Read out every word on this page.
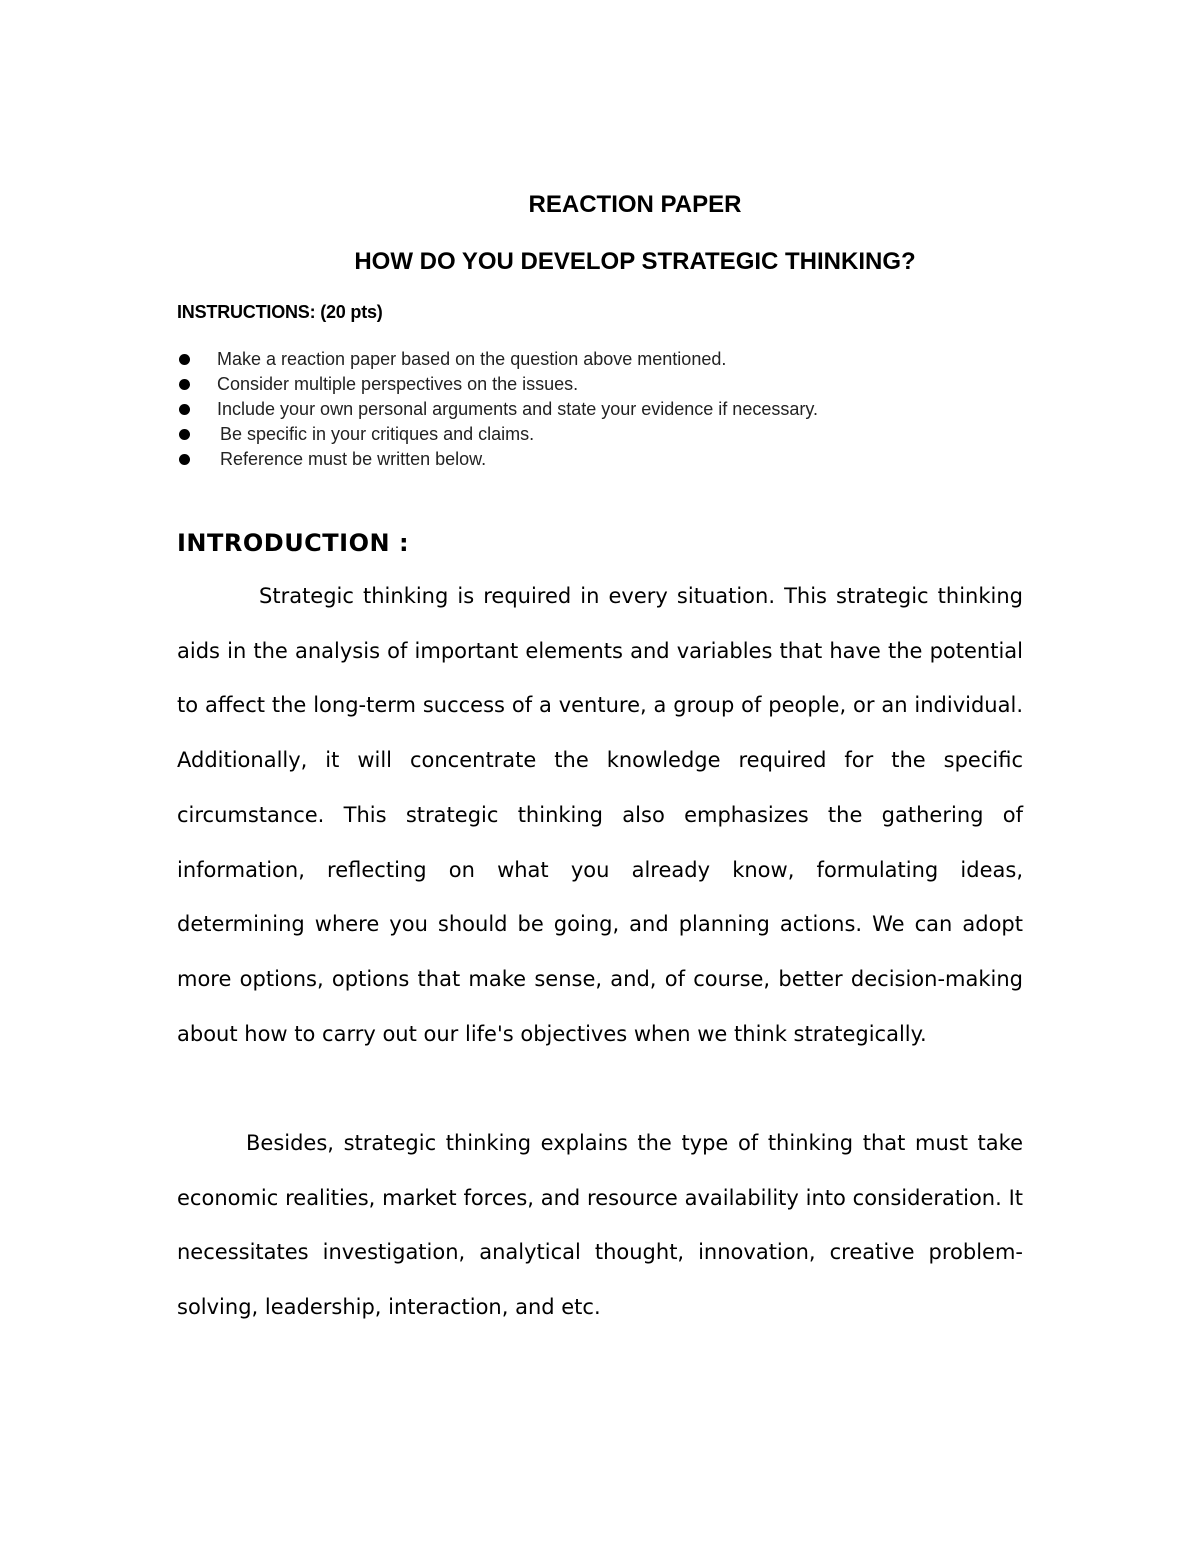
REACTION PAPER
HOW DO YOU DEVELOP STRATEGIC THINKING?

INSTRUCTIONS: (20 pts)

Make a reaction paper based on the question above mentioned.
Consider multiple perspectives on the issues.
Include your own personal arguments and state your evidence if necessary.
Be specific in your critiques and claims.
Reference must be written below.
INTRODUCTION :

Strategic thinking is required in every situation. This strategic thinking aids in the analysis of important elements and variables that have the potential to affect the long-term success of a venture, a group of people, or an individual. Additionally, it will concentrate the knowledge required for the specific circumstance. This strategic thinking also emphasizes the gathering of information, reflecting on what you already know, formulating ideas, determining where you should be going, and planning actions. We can adopt more options, options that make sense, and, of course, better decision-making about how to carry out our life's objectives when we think strategically.

Besides, strategic thinking explains the type of thinking that must take economic realities, market forces, and resource availability into consideration. It necessitates investigation, analytical thought, innovation, creative problem-solving, leadership, interaction, and etc.
